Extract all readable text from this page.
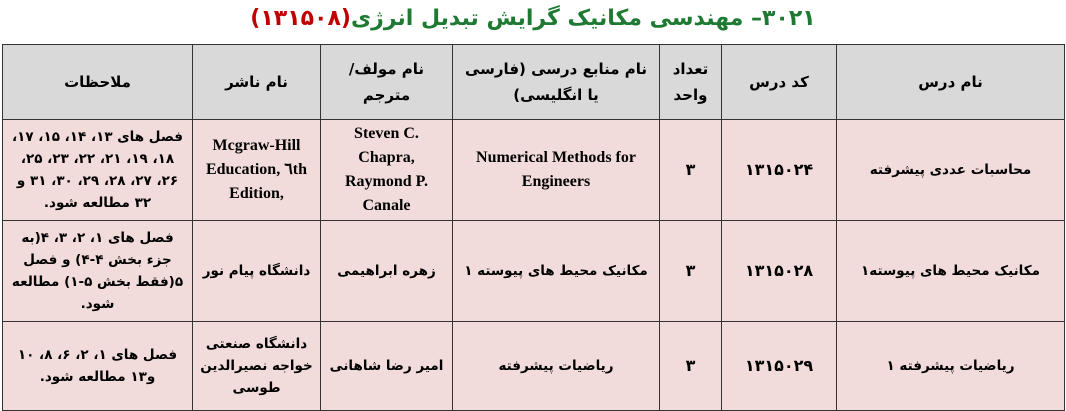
۳۰۲۱– مهندسی مکانیک گرایش تبدیل انرژی(۱۳۱۵۰۸)
نام درس	کد درس	تعداد واحد	نام منابع درسی (فارسی یا انگلیسی)	نام مولف/ مترجم	نام ناشر	ملاحظات
محاسبات عددی پیشرفته	۱۳۱۵۰۲۴	۳	Numerical Methods for Engineers	Steven C. Chapra, Raymond P. Canale	Mcgraw-Hill Education, ٦th Edition,	فصل های ۱۳، ۱۴، ۱۵، ۱۷، ۱۸، ۱۹، ۲۱، ۲۲، ۲۳، ۲۵، ۲۶، ۲۷، ۲۸، ۲۹، ۳۰، ۳۱ و ۳۲ مطالعه شود.
مکانیک محیط های پیوسته۱	۱۳۱۵۰۲۸	۳	مکانیک محیط های پیوسته ۱	زهره ابراهیمی	دانشگاه پیام نور	فصل های ۱، ۲، ۳، ۴(به جزء بخش ۴-۴) و فصل ۵(فقط بخش ۵-۱) مطالعه شود.
ریاضیات پیشرفته ۱	۱۳۱۵۰۲۹	۳	ریاضیات پیشرفته	امیر رضا شاهانی	دانشگاه صنعتی خواجه نصیرالدین طوسی	فصل های ۱، ۲، ۶، ۸، ۱۰ و۱۳ مطالعه شود.
